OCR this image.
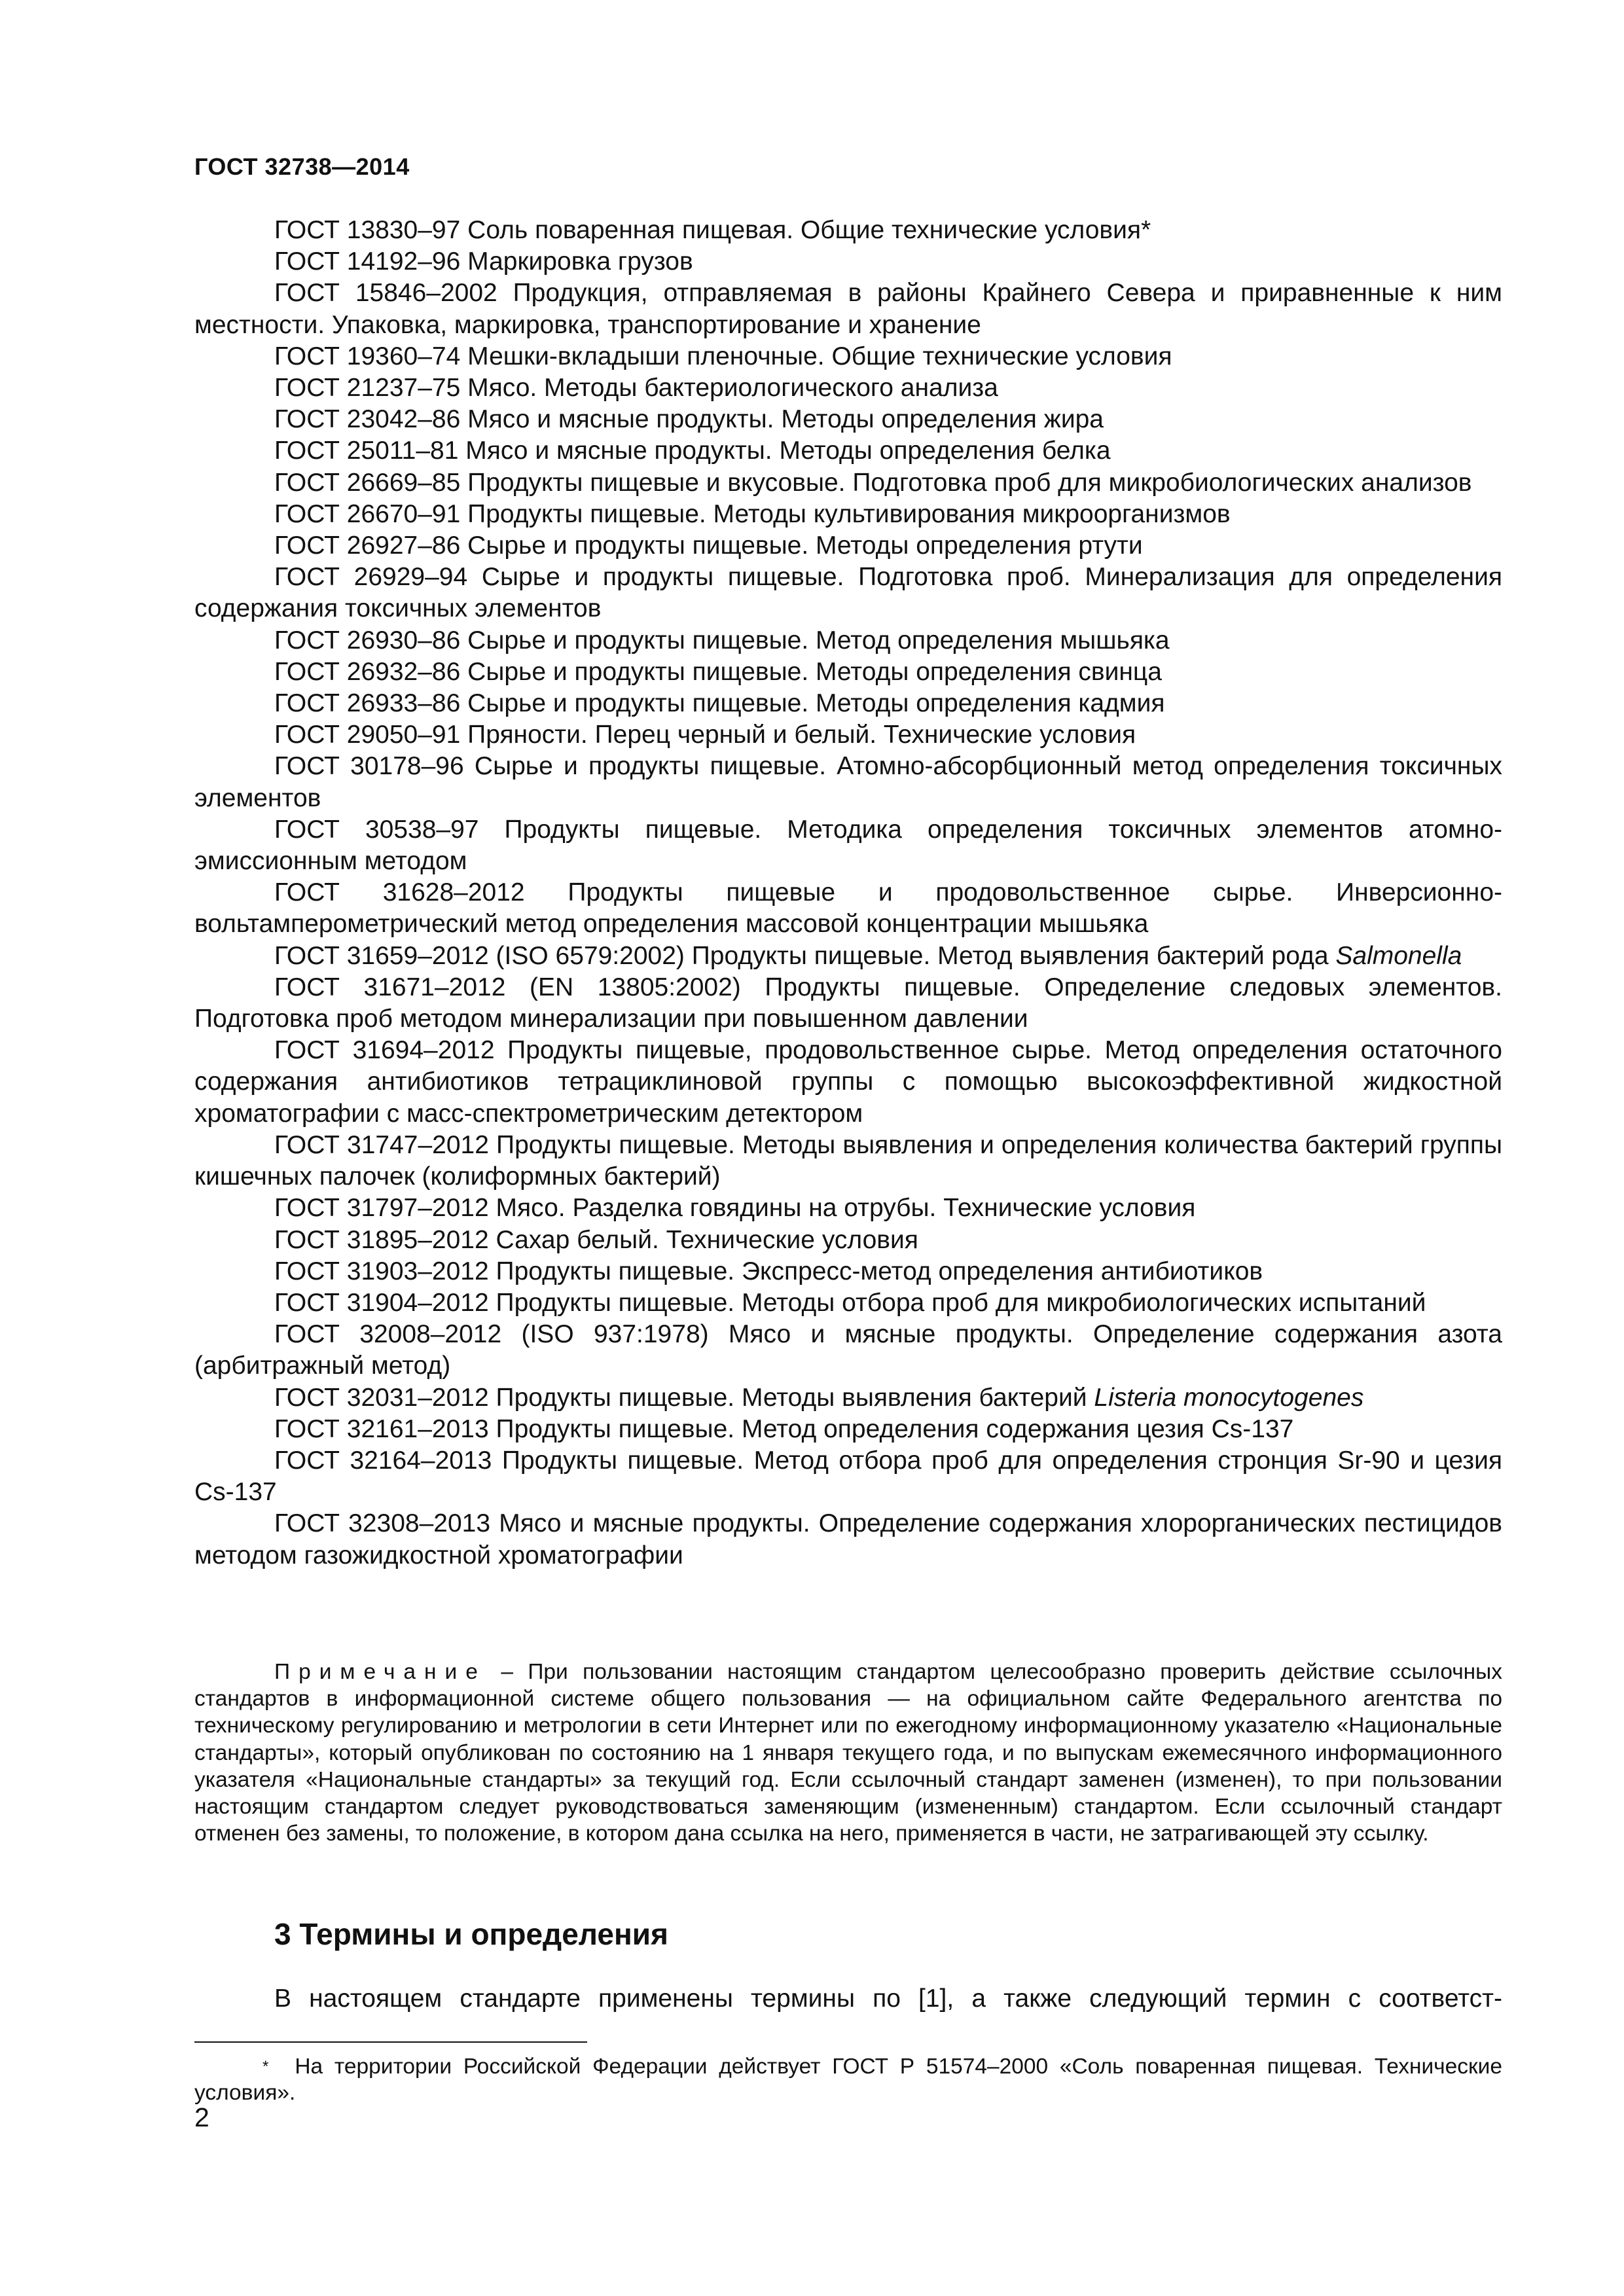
ГОСТ 32738—2014

ГОСТ 13830–97 Соль поваренная пищевая. Общие технические условия*

ГОСТ 14192–96 Маркировка грузов

ГОСТ 15846–2002 Продукция, отправляемая в районы Крайнего Севера и приравненные к ним местности. Упаковка, маркировка, транспортирование и хранение

ГОСТ 19360–74 Мешки-вкладыши пленочные. Общие технические условия

ГОСТ 21237–75 Мясо. Методы бактериологического анализа

ГОСТ 23042–86 Мясо и мясные продукты. Методы определения жира

ГОСТ 25011–81 Мясо и мясные продукты. Методы определения белка

ГОСТ 26669–85 Продукты пищевые и вкусовые. Подготовка проб для микробиологических анализов

ГОСТ 26670–91 Продукты пищевые. Методы культивирования микроорганизмов

ГОСТ 26927–86 Сырье и продукты пищевые. Методы определения ртути

ГОСТ 26929–94 Сырье и продукты пищевые. Подготовка проб. Минерализация для определения содержания токсичных элементов

ГОСТ 26930–86 Сырье и продукты пищевые. Метод определения мышьяка

ГОСТ 26932–86 Сырье и продукты пищевые. Методы определения свинца

ГОСТ 26933–86 Сырье и продукты пищевые. Методы определения кадмия

ГОСТ 29050–91 Пряности. Перец черный и белый. Технические условия

ГОСТ 30178–96 Сырье и продукты пищевые. Атомно-абсорбционный метод определения токсичных элементов

ГОСТ 30538–97 Продукты пищевые. Методика определения токсичных элементов атомно-эмиссионным методом

ГОСТ 31628–2012 Продукты пищевые и продовольственное сырье. Инверсионно-вольтамперометрический метод определения массовой концентрации мышьяка

ГОСТ 31659–2012 (ISO 6579:2002) Продукты пищевые. Метод выявления бактерий рода Salmonella

ГОСТ 31671–2012 (EN 13805:2002) Продукты пищевые. Определение следовых элементов. Подготовка проб методом минерализации при повышенном давлении

ГОСТ 31694–2012 Продукты пищевые, продовольственное сырье. Метод определения остаточного содержания антибиотиков тетрациклиновой группы с помощью высокоэффективной жидкостной хроматографии с масс-спектрометрическим детектором

ГОСТ 31747–2012 Продукты пищевые. Методы выявления и определения количества бактерий группы кишечных палочек (колиформных бактерий)

ГОСТ 31797–2012 Мясо. Разделка говядины на отрубы. Технические условия

ГОСТ 31895–2012 Сахар белый. Технические условия

ГОСТ 31903–2012 Продукты пищевые. Экспресс-метод определения антибиотиков

ГОСТ 31904–2012 Продукты пищевые. Методы отбора проб для микробиологических испытаний

ГОСТ 32008–2012 (ISO 937:1978) Мясо и мясные продукты. Определение содержания азота (арбитражный метод)

ГОСТ 32031–2012 Продукты пищевые. Методы выявления бактерий Listeria monocytogenes

ГОСТ 32161–2013 Продукты пищевые. Метод определения содержания цезия Cs-137

ГОСТ 32164–2013 Продукты пищевые. Метод отбора проб для определения стронция Sr-90 и цезия Cs-137

ГОСТ 32308–2013 Мясо и мясные продукты. Определение содержания хлорорганических пестицидов методом газожидкостной хроматографии

Примечание – При пользовании настоящим стандартом целесообразно проверить действие ссылочных стандартов в информационной системе общего пользования — на официальном сайте Федерального агентства по техническому регулированию и метрологии в сети Интернет или по ежегодному информационному указателю «Национальные стандарты», который опубликован по состоянию на 1 января текущего года, и по выпускам ежемесячного информационного указателя «Национальные стандарты» за текущий год. Если ссылочный стандарт заменен (изменен), то при пользовании настоящим стандартом следует руководствоваться заменяющим (измененным) стандартом. Если ссылочный стандарт отменен без замены, то положение, в котором дана ссылка на него, применяется в части, не затрагивающей эту ссылку.

3 Термины и определения

В настоящем стандарте применены термины по [1], а также следующий термин с соответст-

* На территории Российской Федерации действует ГОСТ Р 51574–2000 «Соль поваренная пищевая. Технические условия».

2
